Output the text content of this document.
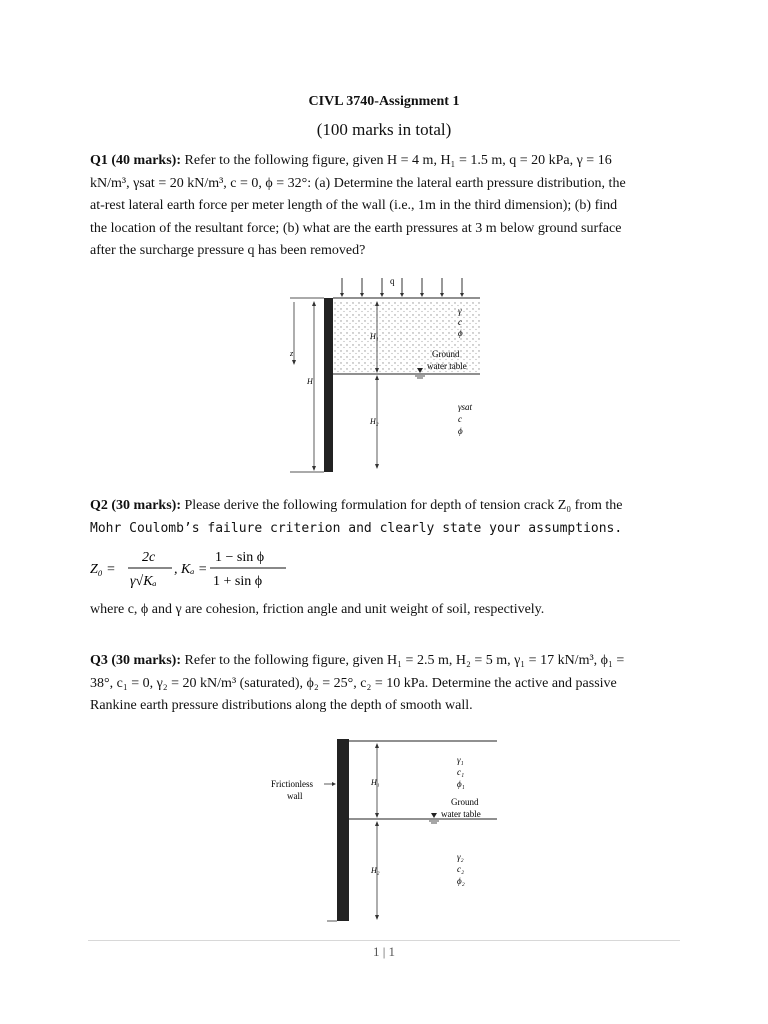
CIVL 3740-Assignment 1
(100 marks in total)
Q1 (40 marks): Refer to the following figure, given H = 4 m, H₁ = 1.5 m, q = 20 kPa, γ = 16
kN/m³, γsat = 20 kN/m³, c = 0, ϕ = 32°: (a) Determine the lateral earth pressure distribution, the
at-rest lateral earth force per meter length of the wall (i.e., 1m in the third dimension); (b) find
the location of the resultant force; (b) what are the earth pressures at 3 m below ground surface
after the surcharge pressure q has been removed?
q
γ
c
ϕ
Ground
water table
H₁
H₂
H
z
γsat
c
ϕ
Q2 (30 marks): Please derive the following formulation for depth of tension crack Z₀ from the
Mohr Coulomb’s failure criterion and clearly state your assumptions.
Z₀ =
2c
γ√Kₐ
, Kₐ =
1 − sin ϕ
1 + sin ϕ
where c, ϕ and γ are cohesion, friction angle and unit weight of soil, respectively.
Q3 (30 marks): Refer to the following figure, given H₁ = 2.5 m, H₂ = 5 m, γ₁ = 17 kN/m³, ϕ₁ =
38°, c₁ = 0, γ₂ = 20 kN/m³ (saturated), ϕ₂ = 25°, c₂ = 10 kPa. Determine the active and passive
Rankine earth pressure distributions along the depth of smooth wall.
Frictionless
wall
H₁
H₂
γ₁
c₁
ϕ₁
Ground
water table
γ₂
c₂
ϕ₂
1 | 1
